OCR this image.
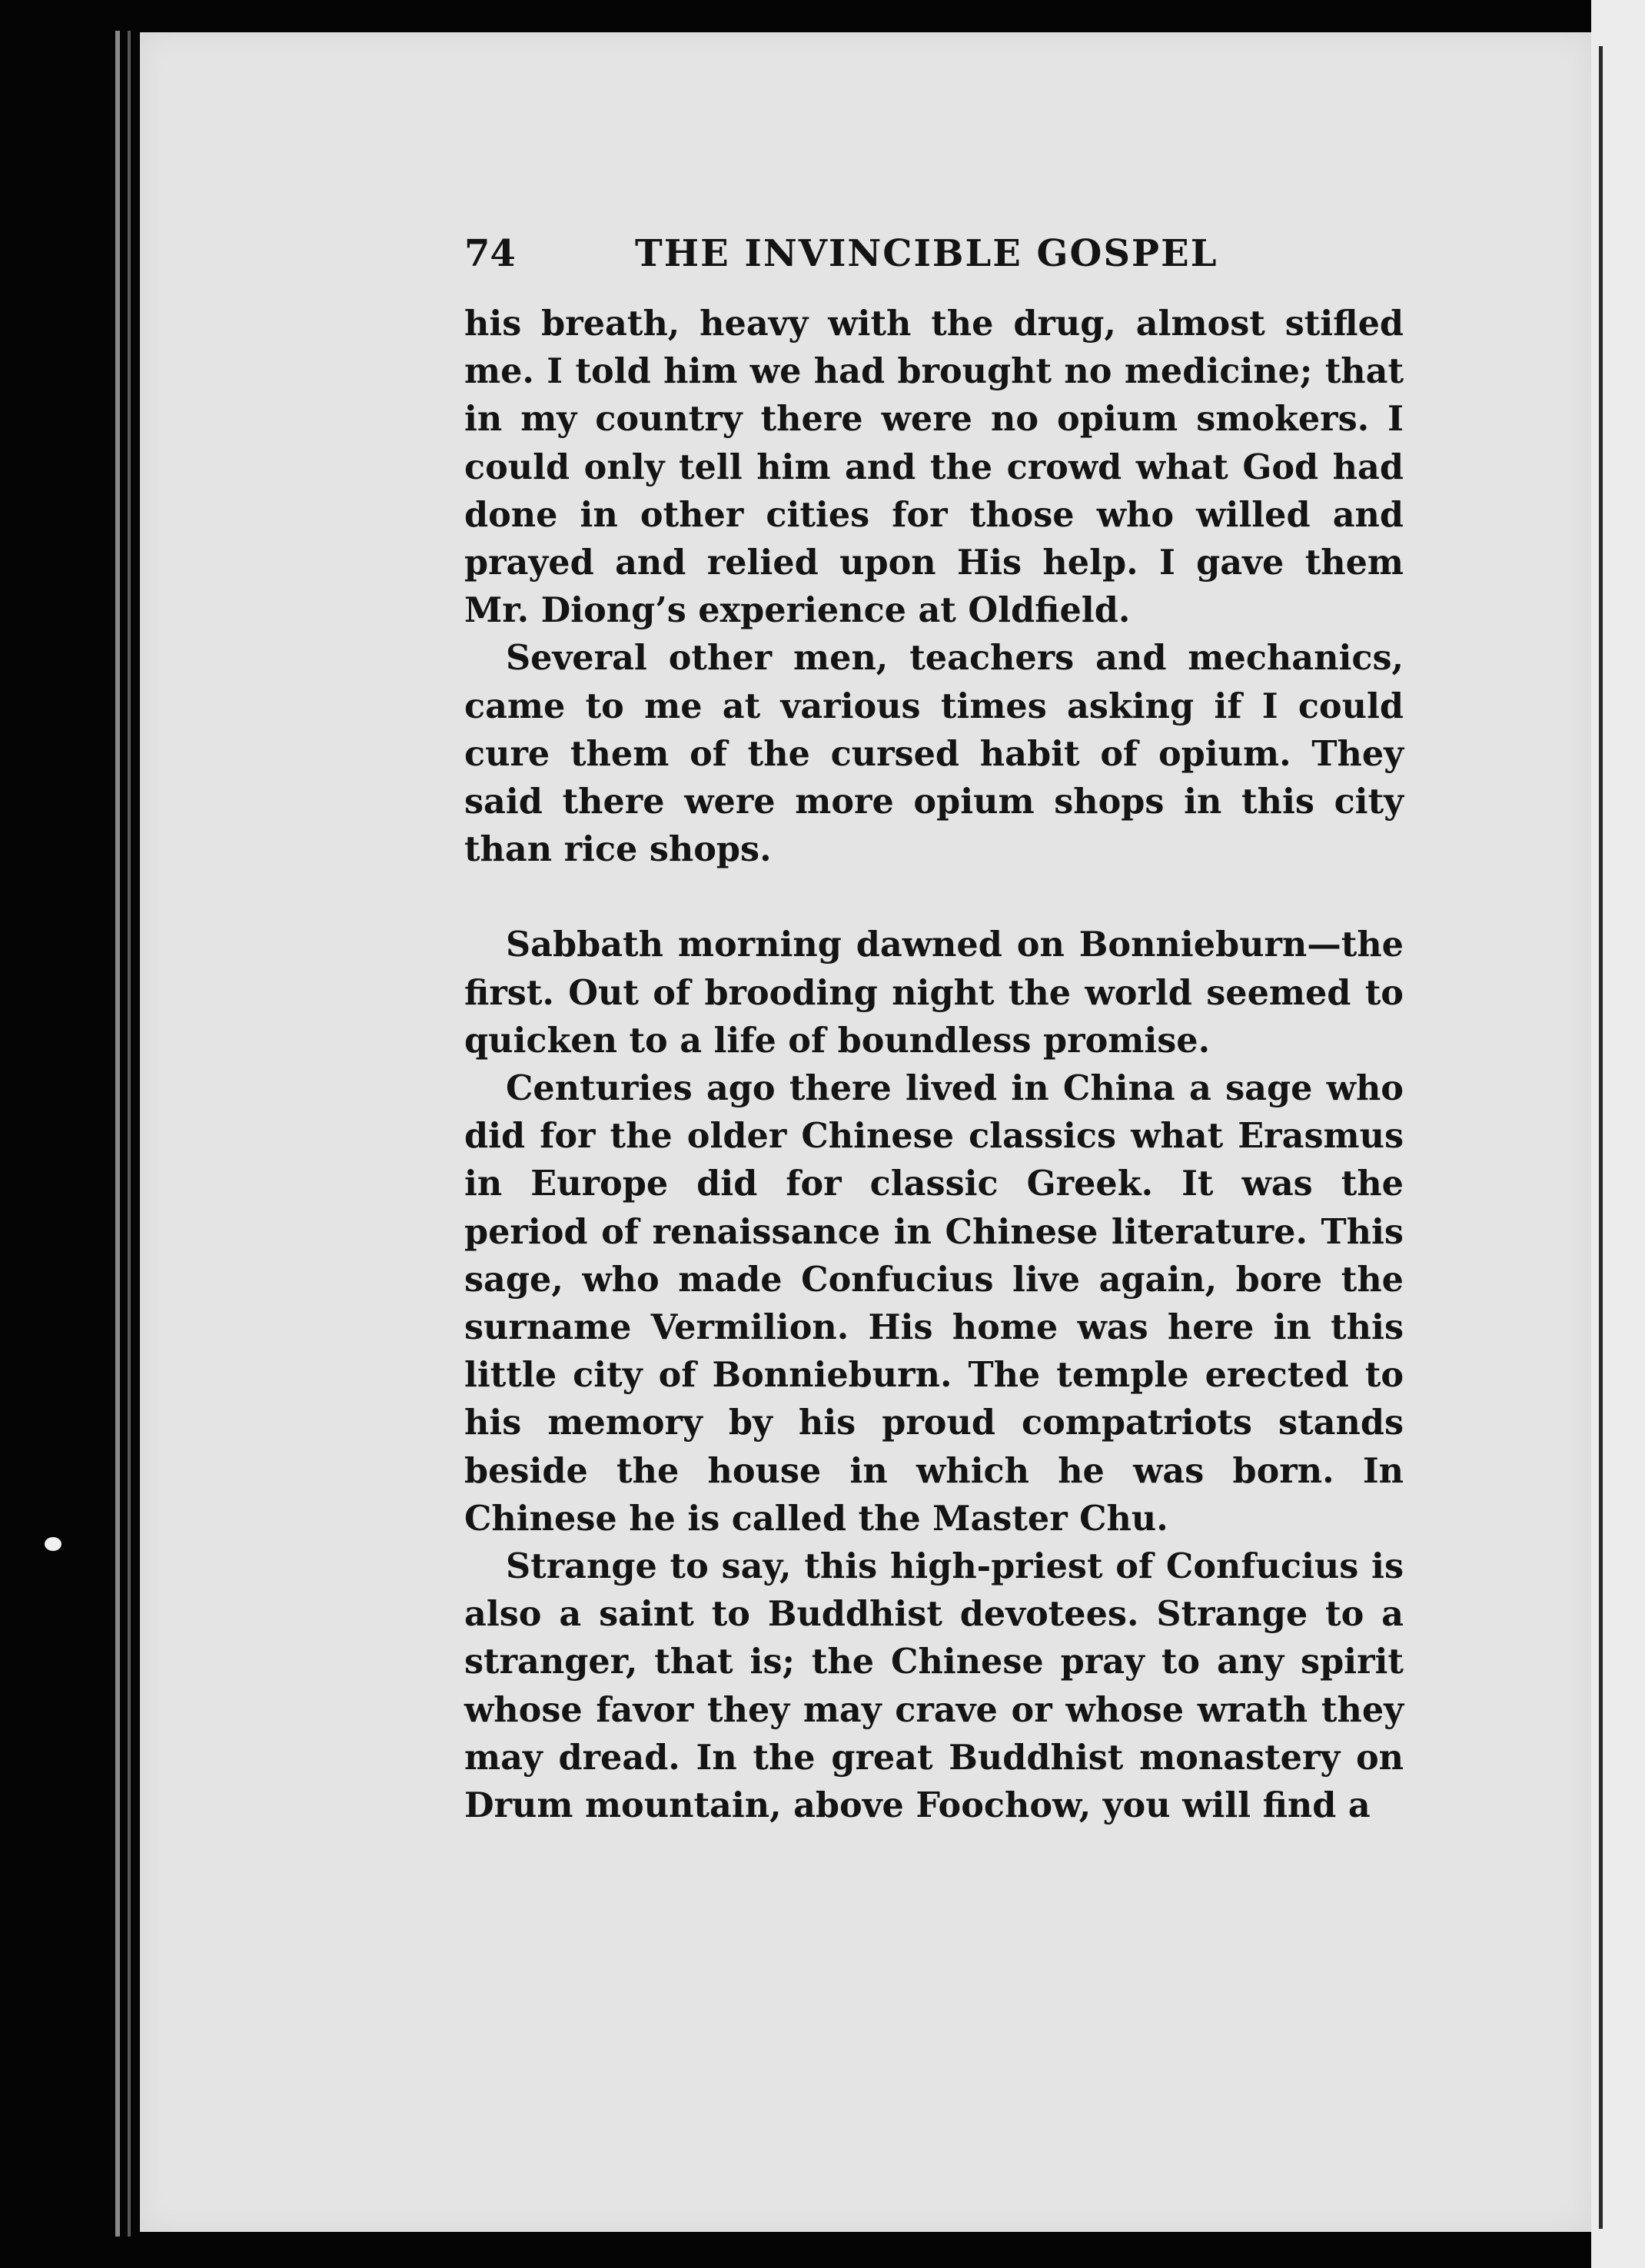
74	THE INVINCIBLE GOSPEL

his breath, heavy with the drug, almost stifled me. I told him we had brought no medicine; that in my country there were no opium smokers. I could only tell him and the crowd what God had done in other cities for those who willed and prayed and relied upon His help. I gave them Mr. Diong’s experience at Oldfield.

Several other men, teachers and mechanics, came to me at various times asking if I could cure them of the cursed habit of opium. They said there were more opium shops in this city than rice shops.

Sabbath morning dawned on Bonnieburn—the first. Out of brooding night the world seemed to quicken to a life of boundless promise.

Centuries ago there lived in China a sage who did for the older Chinese classics what Erasmus in Europe did for classic Greek. It was the period of renaissance in Chinese literature. This sage, who made Confucius live again, bore the surname Vermilion. His home was here in this little city of Bonnieburn. The temple erected to his memory by his proud compatriots stands beside the house in which he was born. In Chinese he is called the Master Chu.

Strange to say, this high-priest of Confucius is also a saint to Buddhist devotees. Strange to a stranger, that is; the Chinese pray to any spirit whose favor they may crave or whose wrath they may dread. In the great Buddhist monastery on Drum mountain, above Foochow, you will find a
